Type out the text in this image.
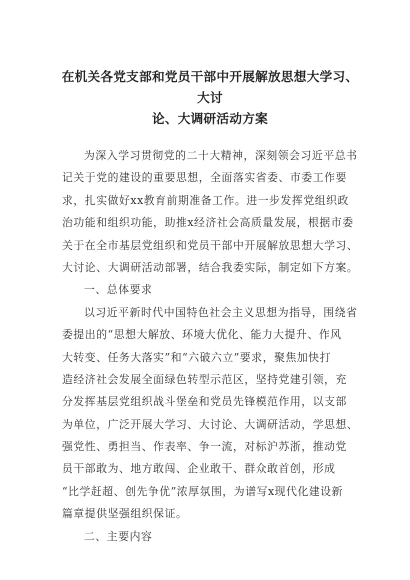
在机关各党支部和党员干部中开展解放思想大学习、大讨
论、大调研活动方案
为深入学习贯彻党的二十大精神，深刻领会习近平总书
记关于党的建设的重要思想，全面落实省委、市委工作要
求，扎实做好xx教育前期准备工作。进一步发挥党组织政
治功能和组织功能，助推x经济社会高质量发展，根据市委
关于在全市基层党组织和党员干部中开展解放思想大学习、
大讨论、大调研活动部署，结合我委实际，制定如下方案。
一、总体要求
以习近平新时代中国特色社会主义思想为指导，围绕省
委提出的“思想大解放、环境大优化、能力大提升、作风
大转变、任务大落实”和“六破六立”要求，聚焦加快打
造经济社会发展全面绿色转型示范区，坚持党建引领，充
分发挥基层党组织战斗堡垒和党员先锋模范作用，以支部
为单位，广泛开展大学习、大讨论、大调研活动，学思想、
强党性、勇担当、作表率、争一流，对标沪苏浙，推动党
员干部敢为、地方敢闯、企业敢干、群众敢首创，形成
“比学赶超、创先争优”浓厚氛围，为谱写x现代化建设新
篇章提供坚强组织保证。
二、主要内容
